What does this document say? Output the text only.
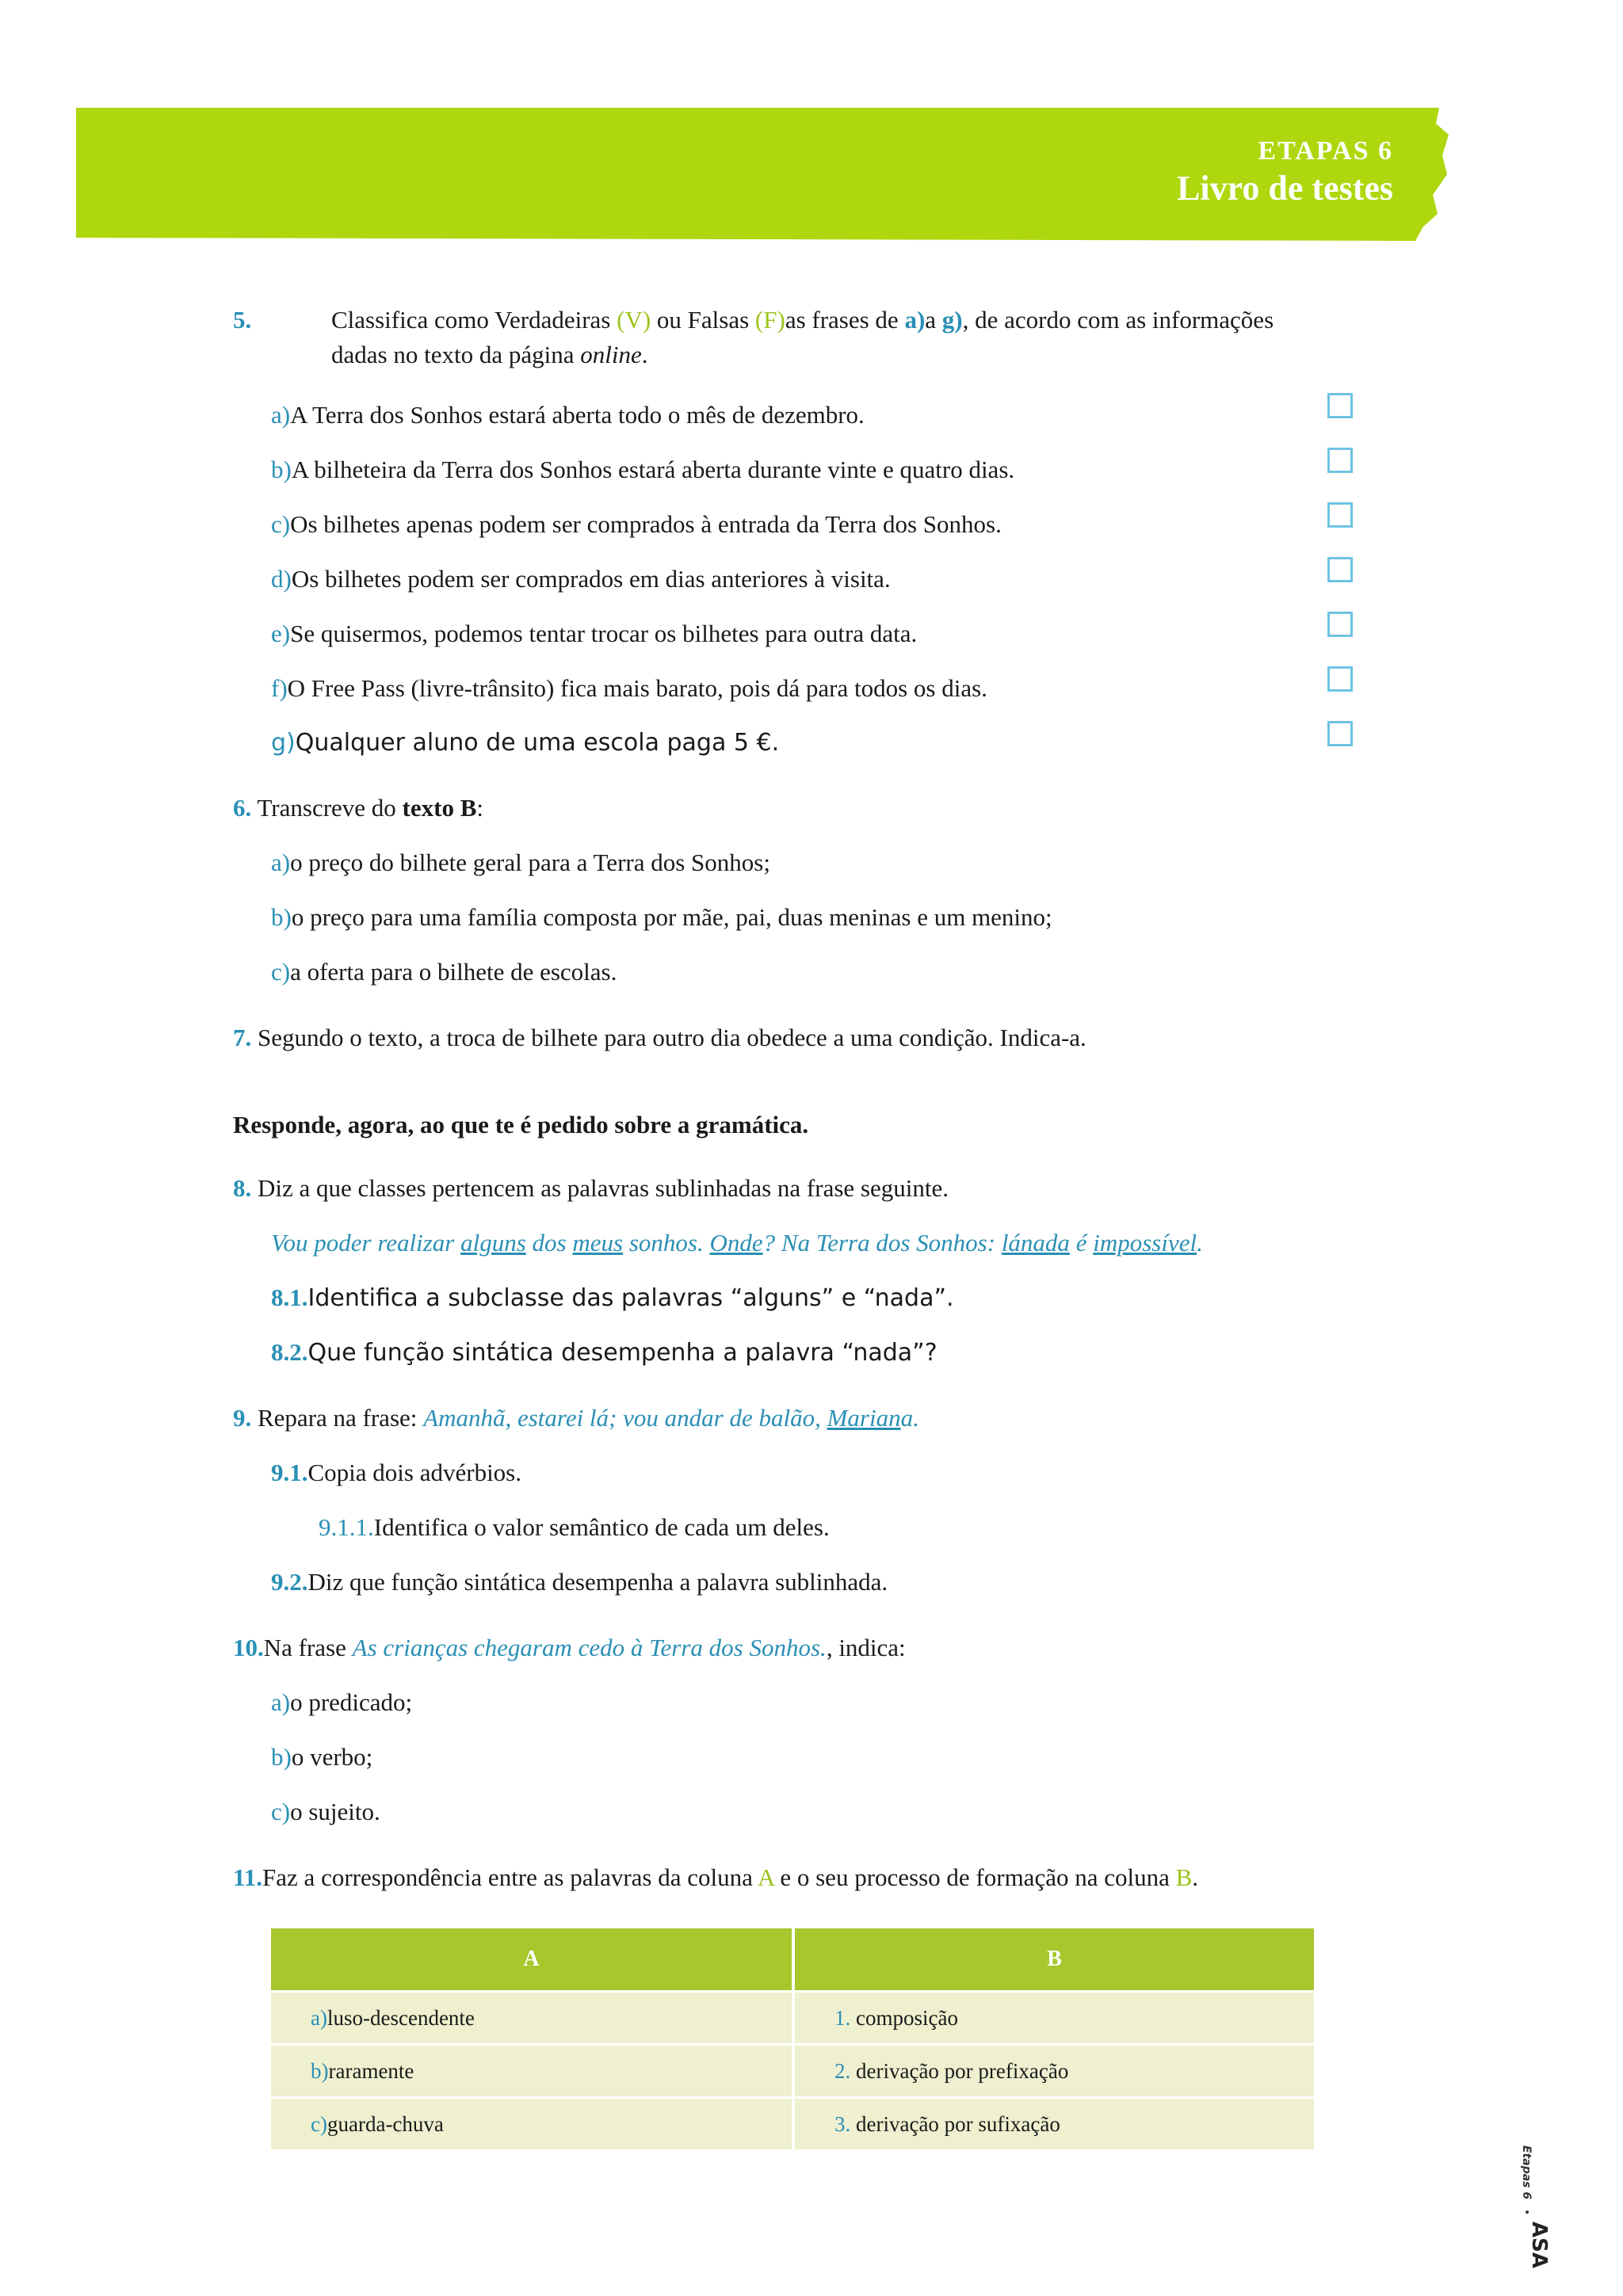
ETAPAS 6
Livro de testes
5.	Classifica como Verdadeiras (V) ou Falsas (F)as frases de a)a g), de acordo com as informações
dadas no texto da página online.
a)A Terra dos Sonhos estará aberta todo o mês de dezembro.
b)A bilheteira da Terra dos Sonhos estará aberta durante vinte e quatro dias.
c)Os bilhetes apenas podem ser comprados à entrada da Terra dos Sonhos.
d)Os bilhetes podem ser comprados em dias anteriores à visita.
e)Se quisermos, podemos tentar trocar os bilhetes para outra data.
f)O Free Pass (livre-trânsito) fica mais barato, pois dá para todos os dias.
g)Qualquer aluno de uma escola paga 5 €.
6. Transcreve do texto B:
a)o preço do bilhete geral para a Terra dos Sonhos;
b)o preço para uma família composta por mãe, pai, duas meninas e um menino;
c)a oferta para o bilhete de escolas.
7. Segundo o texto, a troca de bilhete para outro dia obedece a uma condição. Indica-a.
Responde, agora, ao que te é pedido sobre a gramática.
8. Diz a que classes pertencem as palavras sublinhadas na frase seguinte.
Vou poder realizar alguns dos meus sonhos. Onde? Na Terra dos Sonhos: lánada é impossível.
8.1.Identifica a subclasse das palavras “alguns” e “nada”.
8.2.Que função sintática desempenha a palavra “nada”?
9. Repara na frase: Amanhã, estarei lá; vou andar de balão, Mariana.
9.1.Copia dois advérbios.
9.1.1.Identifica o valor semântico de cada um deles.
9.2.Diz que função sintática desempenha a palavra sublinhada.
10.Na frase As crianças chegaram cedo à Terra dos Sonhos., indica:
a)o predicado;
b)o verbo;
c)o sujeito.
11.Faz a correspondência entre as palavras da coluna A e o seu processo de formação na coluna B.
A	B
a)luso-descendente	1. composição
b)raramente	2. derivação por prefixação
c)guarda-chuva	3. derivação por sufixação
Etapas 6
•
ASA
